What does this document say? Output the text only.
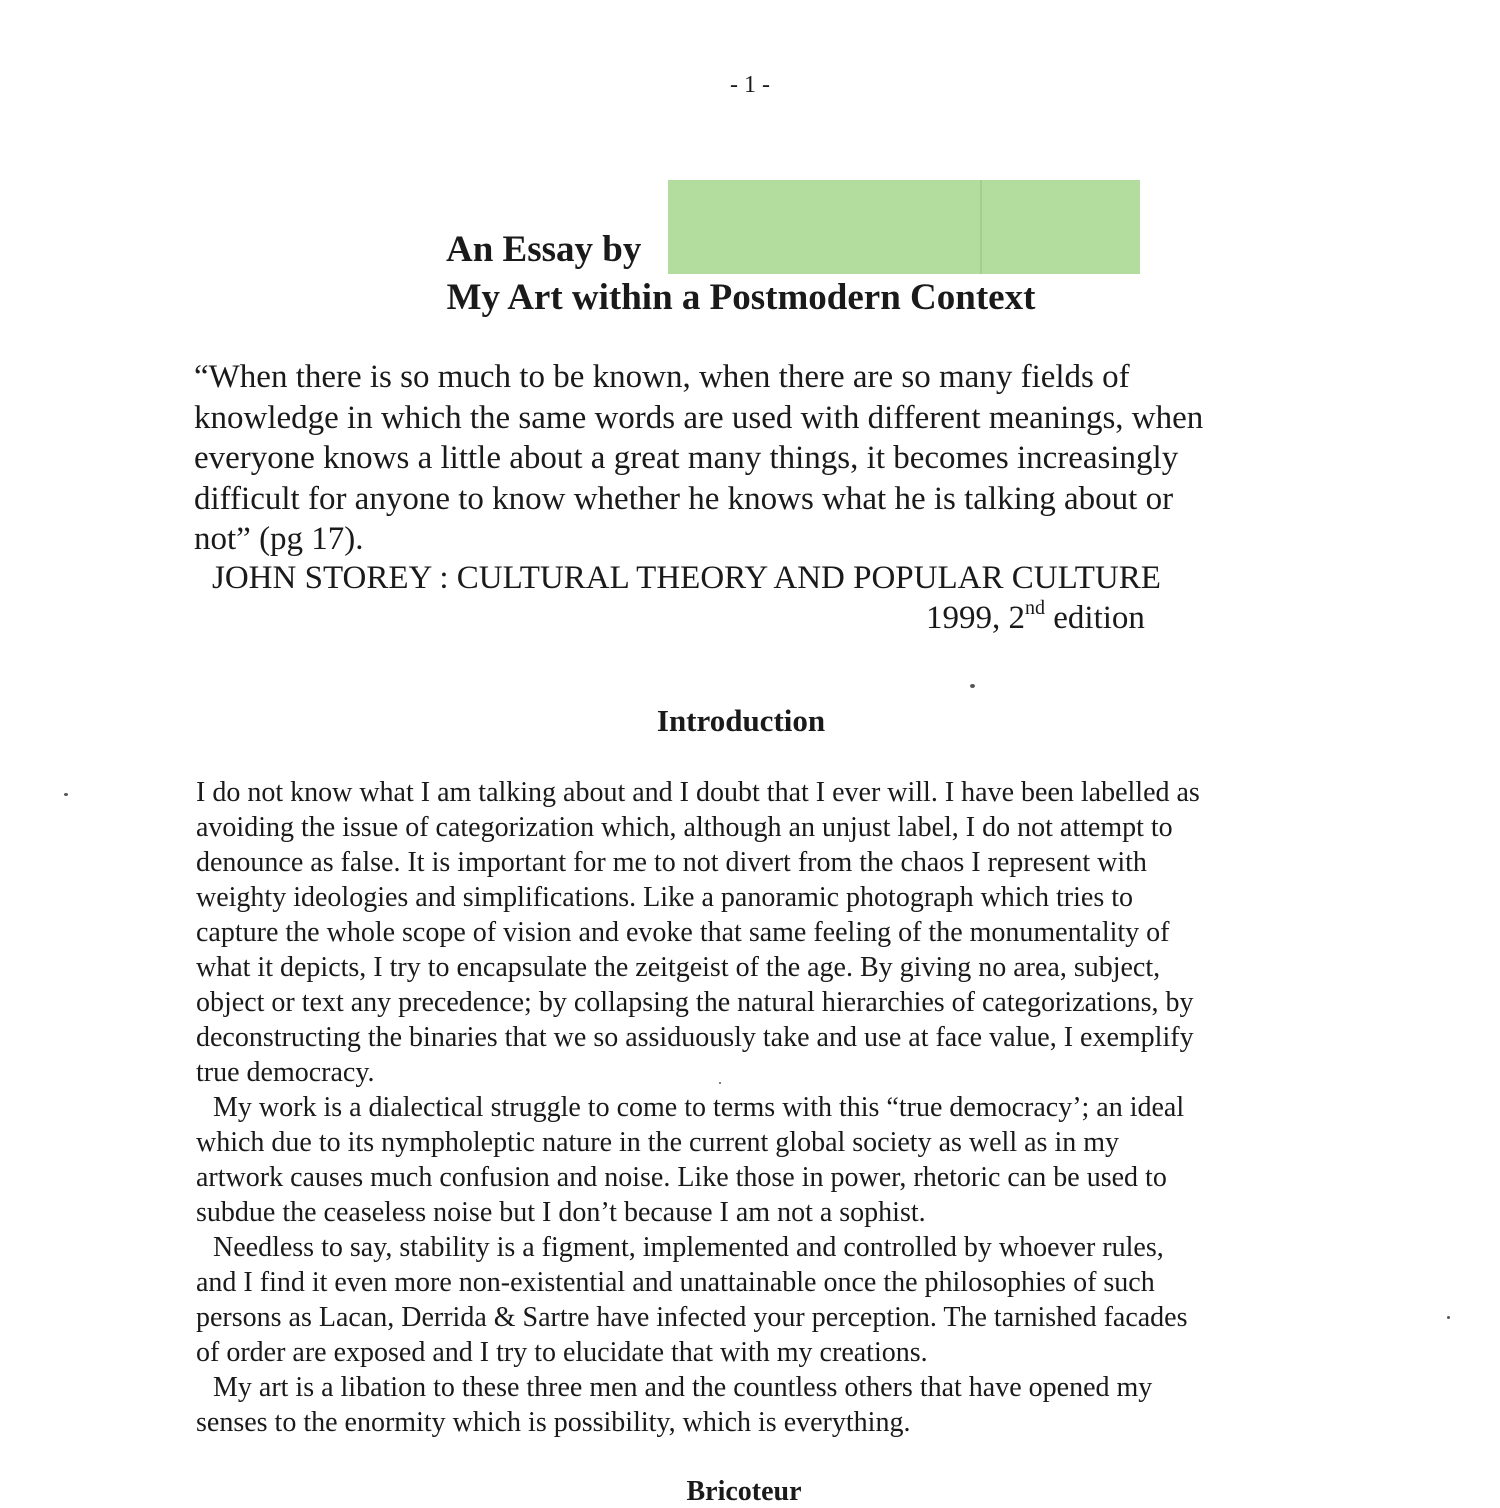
- 1 -
An Essay by
My Art within a Postmodern Context
“When there is so much to be known, when there are so many fields of
knowledge in which the same words are used with different meanings, when
everyone knows a little about a great many things, it becomes increasingly
difficult for anyone to know whether he knows what he is talking about or
not” (pg 17).
JOHN STOREY : CULTURAL THEORY AND POPULAR CULTURE
1999, 2nd edition
Introduction
I do not know what I am talking about and I doubt that I ever will. I have been labelled as
avoiding the issue of categorization which, although an unjust label, I do not attempt to
denounce as false. It is important for me to not divert from the chaos I represent with
weighty ideologies and simplifications. Like a panoramic photograph which tries to
capture the whole scope of vision and evoke that same feeling of the monumentality of
what it depicts, I try to encapsulate the zeitgeist of the age. By giving no area, subject,
object or text any precedence; by collapsing the natural hierarchies of categorizations, by
deconstructing the binaries that we so assiduously take and use at face value, I exemplify
true democracy.
My work is a dialectical struggle to come to terms with this “true democracy’; an ideal
which due to its nympholeptic nature in the current global society as well as in my
artwork causes much confusion and noise. Like those in power, rhetoric can be used to
subdue the ceaseless noise but I don’t because I am not a sophist.
Needless to say, stability is a figment, implemented and controlled by whoever rules,
and I find it even more non-existential and unattainable once the philosophies of such
persons as Lacan, Derrida & Sartre have infected your perception. The tarnished facades
of order are exposed and I try to elucidate that with my creations.
My art is a libation to these three men and the countless others that have opened my
senses to the enormity which is possibility, which is everything.
Bricoteur
